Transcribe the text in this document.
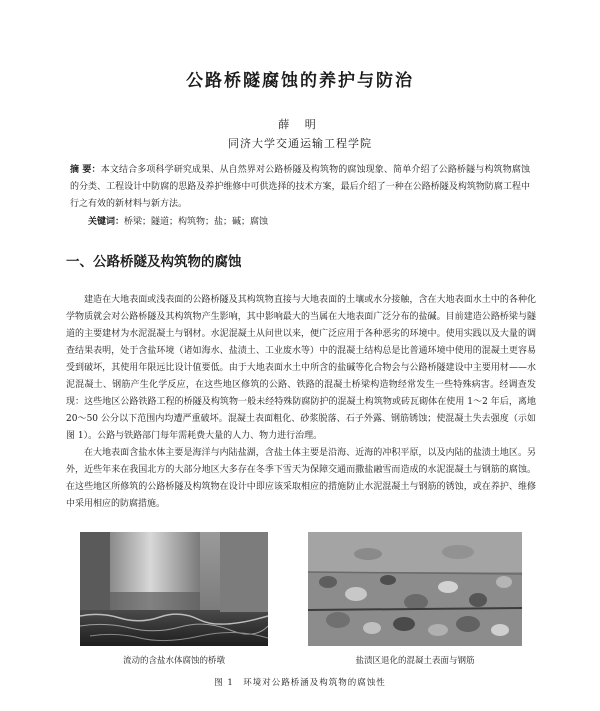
公路桥隧腐蚀的养护与防治
薛 明
同济大学交通运输工程学院
摘 要：本文结合多项科学研究成果、从自然界对公路桥隧及构筑物的腐蚀现象、简单介绍了公路桥隧与构筑物腐蚀的分类、工程设计中防腐的思路及养护维修中可供选择的技术方案，最后介绍了一种在公路桥隧及构筑物防腐工程中行之有效的新材料与新方法。
关键词：桥梁；隧道；构筑物；盐；碱；腐蚀
一、公路桥隧及构筑物的腐蚀

建造在大地表面或浅表面的公路桥隧及其构筑物直接与大地表面的土壤或水分接触，含在大地表面水土中的各种化学物质就会对公路桥隧及其构筑物产生影响，其中影响最大的当属在大地表面广泛分布的盐碱。目前建造公路桥梁与隧道的主要建材为水泥混凝土与钢材。水泥混凝土从问世以来，便广泛应用于各种恶劣的环境中。使用实践以及大量的调查结果表明，处于含盐环境（诸如海水、盐渍土、工业废水等）中的混凝土结构总是比普通环境中使用的混凝土更容易受到破坏，其使用年限远比设计值要低。由于大地表面水土中所含的盐碱等化合物会与公路桥隧建设中主要用材——水泥混凝土、钢筋产生化学反应，在这些地区修筑的公路、铁路的混凝土桥梁构造物经常发生一些特殊病害。经调查发现：这些地区公路铁路工程的桥隧及构筑物一般未经特殊防腐防护的混凝土构筑物或砖瓦砌体在使用 1～2 年后，离地 20～50 公分以下范围内均遭严重破坏。混凝土表面粗化、砂浆脱落、石子外露、钢筋锈蚀；使混凝土失去强度（示如图 1）。公路与铁路部门每年需耗费大量的人力、物力进行治理。

在大地表面含盐水体主要是海洋与内陆盐湖，含盐土体主要是沿海、近海的冲积平原，以及内陆的盐渍土地区。另外，近些年来在我国北方的大部分地区大多存在冬季下雪天为保障交通而撒盐融雪而造成的水泥混凝土与钢筋的腐蚀。在这些地区所修筑的公路桥隧及构筑物在设计中即应该采取相应的措施防止水泥混凝土与钢筋的锈蚀，或在养护、维修中采用相应的防腐措施。

流动的含盐水体腐蚀的桥墩	盐渍区退化的混凝土表面与钢筋
图 1　环境对公路桥涵及构筑物的腐蚀性
